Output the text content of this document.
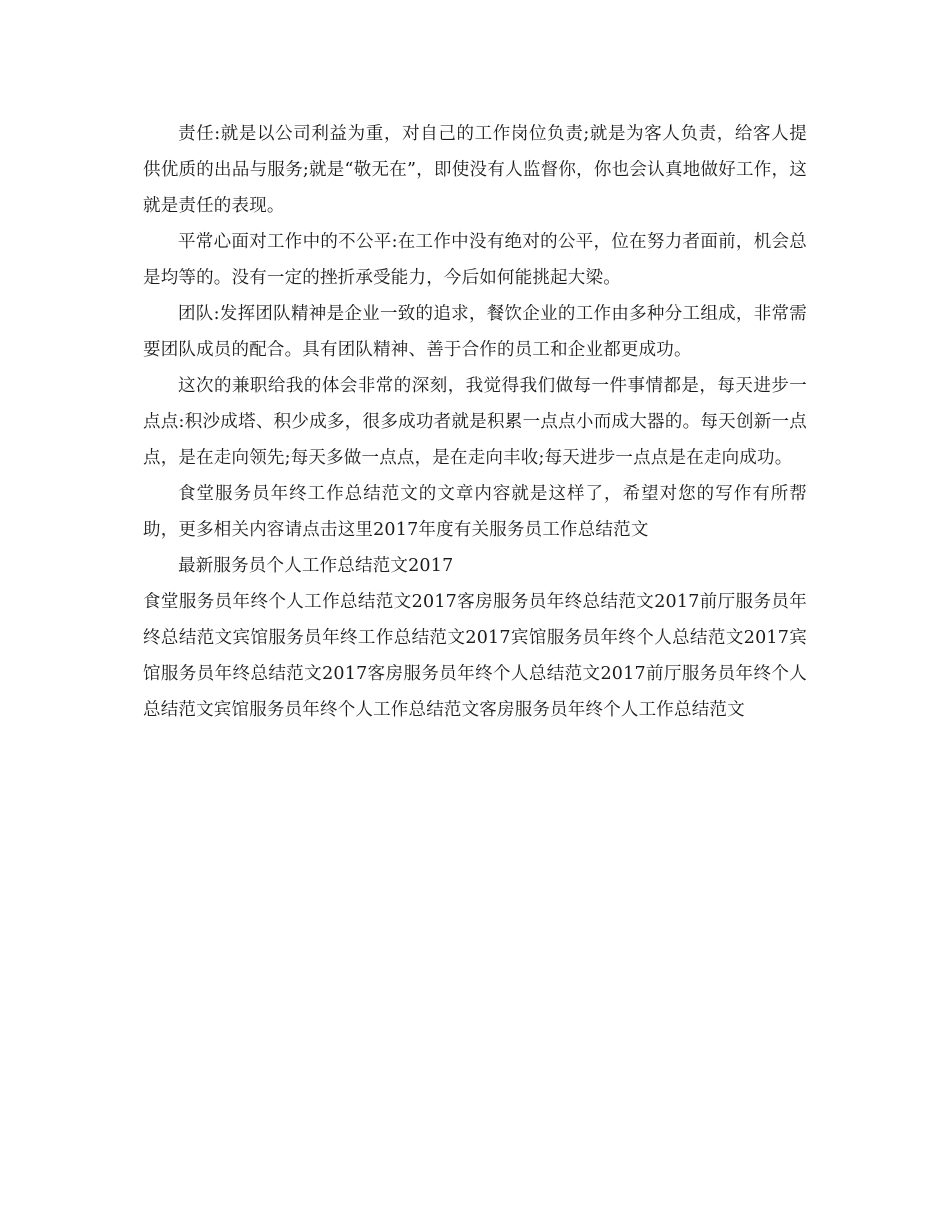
责任:就是以公司利益为重，对自己的工作岗位负责;就是为客人负责，给客人提供优质的出品与服务;就是“敬无在”，即使没有人监督你，你也会认真地做好工作，这就是责任的表现。

平常心面对工作中的不公平:在工作中没有绝对的公平，位在努力者面前，机会总是均等的。没有一定的挫折承受能力，今后如何能挑起大梁。

团队:发挥团队精神是企业一致的追求，餐饮企业的工作由多种分工组成，非常需要团队成员的配合。具有团队精神、善于合作的员工和企业都更成功。

这次的兼职给我的体会非常的深刻，我觉得我们做每一件事情都是，每天进步一点点:积沙成塔、积少成多，很多成功者就是积累一点点小而成大器的。每天创新一点点，是在走向领先;每天多做一点点，是在走向丰收;每天进步一点点是在走向成功。

食堂服务员年终工作总结范文的文章内容就是这样了，希望对您的写作有所帮助，更多相关内容请点击这里2017年度有关服务员工作总结范文

最新服务员个人工作总结范文2017

食堂服务员年终个人工作总结范文2017客房服务员年终总结范文2017前厅服务员年终总结范文宾馆服务员年终工作总结范文2017宾馆服务员年终个人总结范文2017宾馆服务员年终总结范文2017客房服务员年终个人总结范文2017前厅服务员年终个人总结范文宾馆服务员年终个人工作总结范文客房服务员年终个人工作总结范文
